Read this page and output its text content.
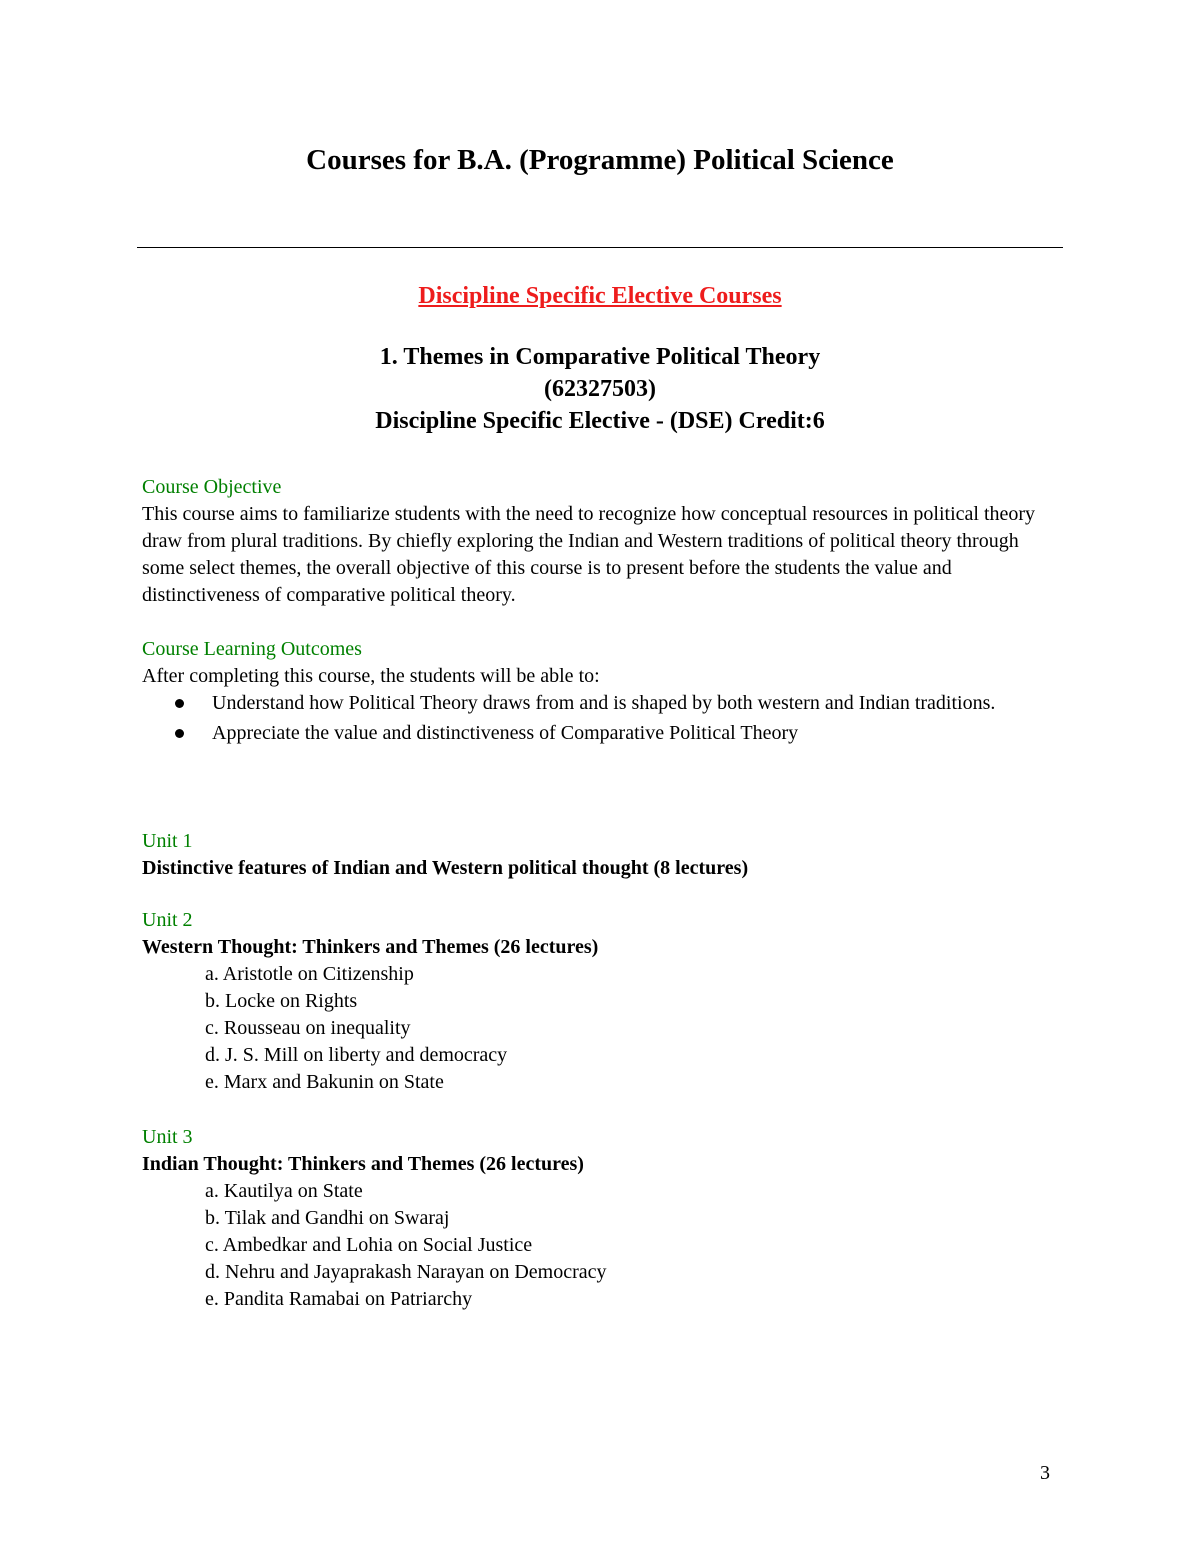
Courses for B.A. (Programme) Political Science
Discipline Specific Elective Courses
1. Themes in Comparative Political Theory
(62327503)
Discipline Specific Elective - (DSE) Credit:6
Course Objective
This course aims to familiarize students with the need to recognize how conceptual resources in political theory draw from plural traditions. By chiefly exploring the Indian and Western traditions of political theory through some select themes, the overall objective of this course is to present before the students the value and distinctiveness of comparative political theory.
Course Learning Outcomes
After completing this course, the students will be able to:
Understand how Political Theory draws from and is shaped by both western and Indian traditions.
Appreciate the value and distinctiveness of Comparative Political Theory
Unit 1
Distinctive features of Indian and Western political thought (8 lectures)
Unit 2
Western Thought: Thinkers and Themes (26 lectures)
a. Aristotle on Citizenship
b. Locke on Rights
c. Rousseau on inequality
d. J. S. Mill on liberty and democracy
e. Marx and Bakunin on State
Unit 3
Indian Thought: Thinkers and Themes (26 lectures)
a. Kautilya on State
b. Tilak and Gandhi on Swaraj
c. Ambedkar and Lohia on Social Justice
d. Nehru and Jayaprakash Narayan on Democracy
e. Pandita Ramabai on Patriarchy
3
